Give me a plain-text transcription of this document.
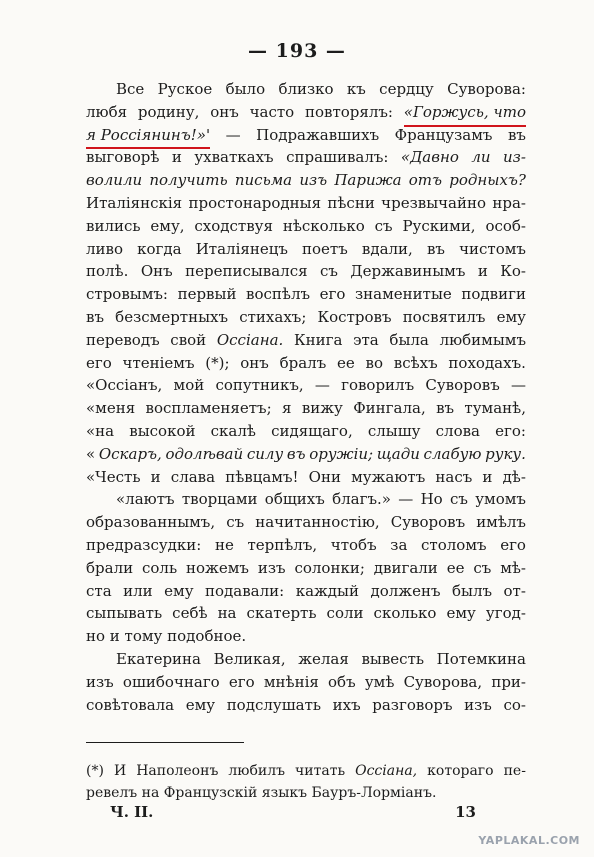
— 193 —
Все Руское было близко къ сердцу Суворова:
любя родину, онъ часто повторялъ: «Горжусь, что
я Россіянинъ!»' — Подражавшихъ Французамъ въ
выговорѣ и ухваткахъ спрашивалъ: «Давно ли из-
волили получить письма изъ Парижа отъ родныхъ?
Италіянскія простонародныя пѣсни чрезвычайно нра-
вились ему, сходствуя нѣсколько съ Рускими, особ-
ливо когда Италіянецъ поетъ вдали, въ чистомъ
полѣ. Онъ переписывался съ Державинымъ и Ко-
стровымъ: первый воспѣлъ его знаменитые подвиги
въ безсмертныхъ стихахъ; Костровъ посвятилъ ему
переводъ свой Оссіана. Книга эта была любимымъ
его чтеніемъ (*); онъ бралъ ее во всѣхъ походахъ.
«Оссіанъ, мой сопутникъ, — говорилъ Суворовъ —
«меня воспламеняетъ; я вижу Фингала, въ туманѣ,
«на высокой скалѣ сидящаго, слышу слова его:
« Оскаръ, одолѣвай силу въ оружіи; щади слабую руку.
«Честь и слава пѣвцамъ! Они мужаютъ насъ и дѣ-
«лаютъ творцами общихъ благъ.» — Но съ умомъ
образованнымъ, съ начитанностію, Суворовъ имѣлъ
предразсудки: не терпѣлъ, чтобъ за столомъ его
брали соль ножемъ изъ солонки; двигали ее съ мѣ-
ста или ему подавали: каждый долженъ былъ от-
сыпывать себѣ на скатерть соли сколько ему угод-
но и тому подобное.
Екатерина Великая, желая вывесть Потемкина
изъ ошибочнаго его мнѣнія объ умѣ Суворова, при-
совѣтовала ему подслушать ихъ разговоръ изъ со-
(*) И Наполеонъ любилъ читать Оссіана, котораго пе-
ревелъ на Французскій языкъ Бауръ-Лорміанъ.
Ч. II.	13
YAPLAKAL.COM
